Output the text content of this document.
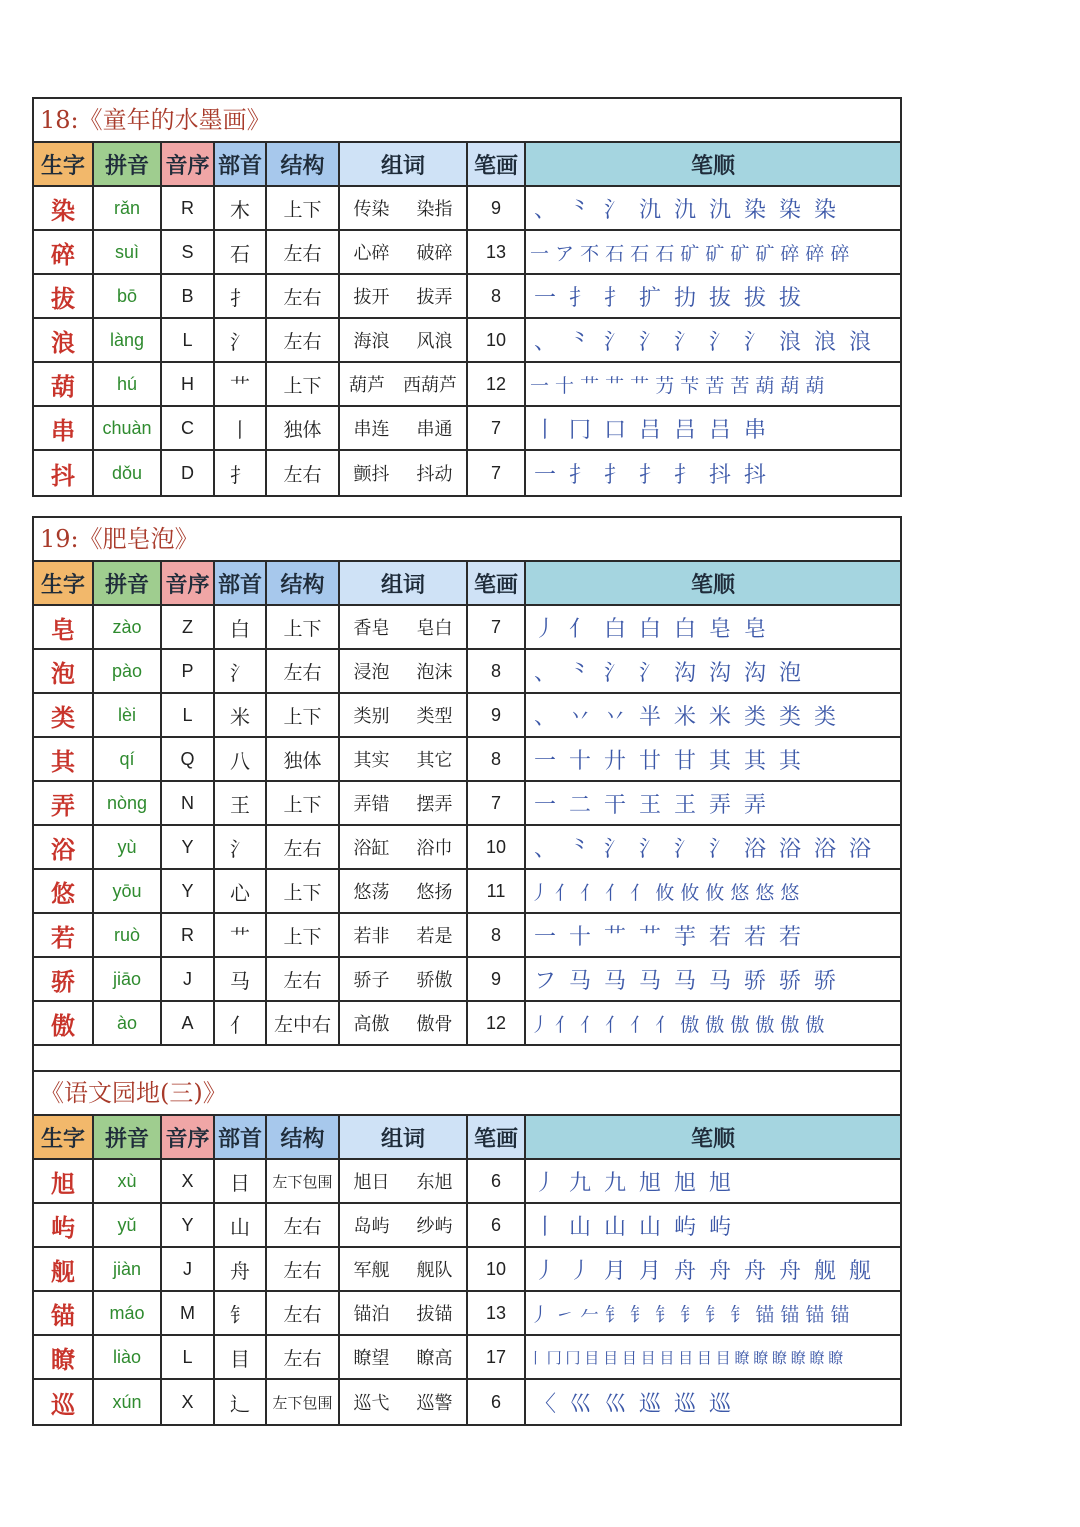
18:《童年的水墨画》
生字 拼音 音序 部首 结构	组词	笔画	笔顺
染	rǎn	R	木	上下	传染 染指	9	、 ⺀ 氵 氿 氿 氿 染 染 染
碎	suì	S	石	左右	心碎 破碎	13	一 ア 不 石 石 石 矿 矿 矿 矿 碎 碎 碎
拔	bō	B	扌	左右	拔开 拔弄	8	一 扌 扌 扩 扐 抜 拔 拔
浪	làng	L	氵	左右	海浪 风浪	10	、 ⺀ 氵 氵 氵 氵 氵 浪 浪 浪
葫	hú	H	艹	上下	葫芦 西葫芦	12	一 十 艹 艹 艹 芀 芐 苦 苦 葫 葫 葫
串	chuàn	C	丨	独体	串连 串通	7	丨 冂 口 吕 吕 吕 串
抖	dǒu	D	扌	左右	颤抖 抖动	7	一 扌 扌 扌 扌 抖 抖
19:《肥皂泡》
生字 拼音 音序 部首 结构	组词	笔画	笔顺
皂	zào	Z	白	上下	香皂 皂白	7	丿 亻 白 白 白 皂 皂
泡	pào	P	氵	左右	浸泡 泡沫	8	、 ⺀ 氵 氵 沟 沟 沟 泡
类	lèi	L	米	上下	类别 类型	9	、 丷 丷 半 米 米 类 类 类
其	qí	Q	八	独体	其实 其它	8	一 十 廾 廿 甘 其 其 其
弄	nòng	N	王	上下	弄错 摆弄	7	一 二 干 王 王 弄 弄
浴	yù	Y	氵	左右	浴缸 浴巾	10	、 ⺀ 氵 氵 氵 氵 浴 浴 浴 浴
悠	yōu	Y	心	上下	悠荡 悠扬	11	丿 亻 亻 亻 亻 攸 攸 攸 悠 悠 悠
若	ruò	R	艹	上下	若非 若是	8	一 十 艹 艹 芋 若 若 若
骄	jiāo	J	马	左右	骄子 骄傲	9	フ 马 马 马 马 马 骄 骄 骄
傲	ào	A	亻	左中右	高傲 傲骨	12	丿 亻 亻 亻 亻 亻 傲 傲 傲 傲 傲 傲
《语文园地(三)》
生字 拼音 音序 部首 结构	组词	笔画	笔顺
旭	xù	X	日	左下包围	旭日 东旭	6	丿 九 九 旭 旭 旭
屿	yǔ	Y	山	左右	岛屿 纱屿	6	丨 山 山 山 屿 屿
舰	jiàn	J	舟	左右	军舰 舰队	10	丿 丿 月 月 舟 舟 舟 舟 舰 舰
锚	máo	M	钅	左右	锚泊 拔锚	13	丿 ㇀ 𠂉 钅 钅 钅 钅 钅 钅 锚 锚 锚 锚
瞭	liào	L	目	左右	瞭望 瞭高	17	丨 冂 冂 目 目 目 目 目 目 目 目 瞭 瞭 瞭 瞭 瞭 瞭
巡	xún	X	辶	左下包围	巡弋 巡警	6	〈 巛 巛 巡 巡 巡
